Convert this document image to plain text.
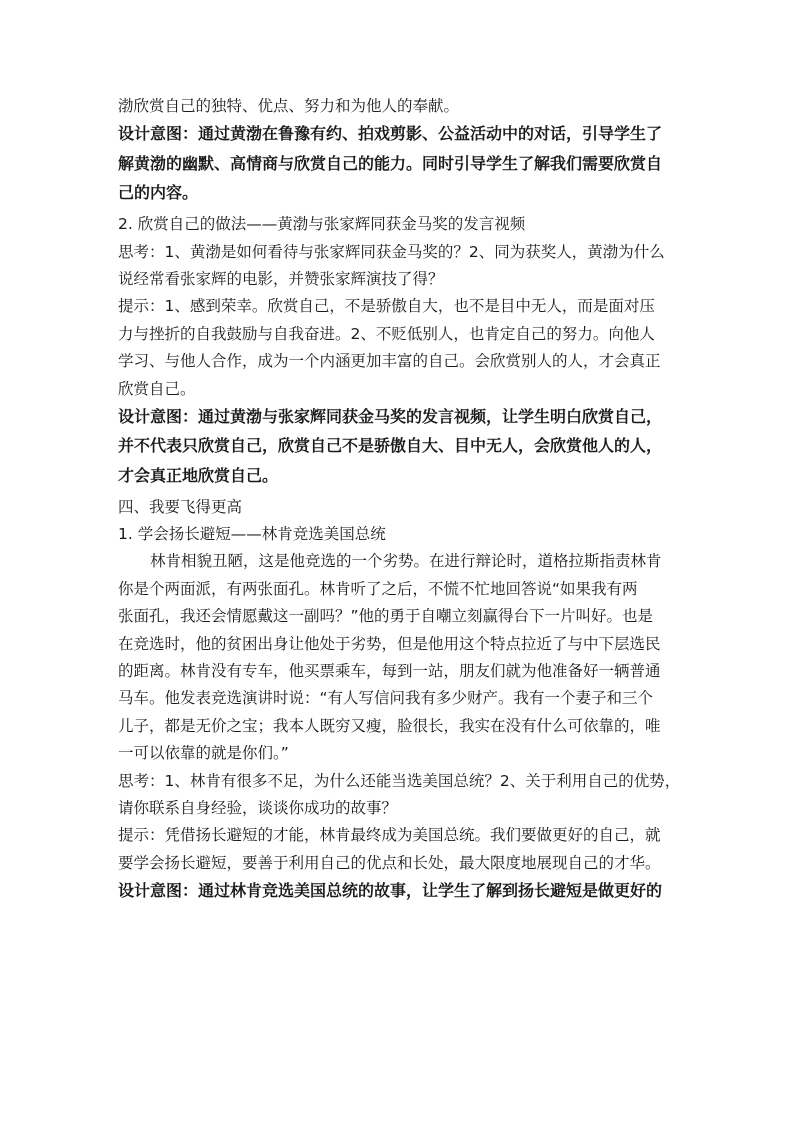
渤欣赏自己的独特、优点、努力和为他人的奉献。
设计意图：通过黄渤在鲁豫有约、拍戏剪影、公益活动中的对话，引导学生了
解黄渤的幽默、高情商与欣赏自己的能力。同时引导学生了解我们需要欣赏自
己的内容。
2. 欣赏自己的做法——黄渤与张家辉同获金马奖的发言视频
思考：1、黄渤是如何看待与张家辉同获金马奖的？2、同为获奖人，黄渤为什么
说经常看张家辉的电影，并赞张家辉演技了得？
提示：1、感到荣幸。欣赏自己，不是骄傲自大，也不是目中无人，而是面对压
力与挫折的自我鼓励与自我奋进。2、不贬低别人，也肯定自己的努力。向他人
学习、与他人合作，成为一个内涵更加丰富的自己。会欣赏别人的人，才会真正
欣赏自己。
设计意图：通过黄渤与张家辉同获金马奖的发言视频，让学生明白欣赏自己，
并不代表只欣赏自己，欣赏自己不是骄傲自大、目中无人，会欣赏他人的人，
才会真正地欣赏自己。
四、我要飞得更高
1. 学会扬长避短——林肯竞选美国总统
林肯相貌丑陋，这是他竞选的一个劣势。在进行辩论时，道格拉斯指责林肯
你是个两面派，有两张面孔。林肯听了之后，不慌不忙地回答说“如果我有两
张面孔，我还会情愿戴这一副吗？”他的勇于自嘲立刻赢得台下一片叫好。也是
在竞选时，他的贫困出身让他处于劣势，但是他用这个特点拉近了与中下层选民
的距离。林肯没有专车，他买票乘车，每到一站，朋友们就为他准备好一辆普通
马车。他发表竞选演讲时说：“有人写信问我有多少财产。我有一个妻子和三个
儿子，都是无价之宝；我本人既穷又瘦，脸很长，我实在没有什么可依靠的，唯
一可以依靠的就是你们。”
思考：1、林肯有很多不足，为什么还能当选美国总统？2、关于利用自己的优势，
请你联系自身经验，谈谈你成功的故事？
提示：凭借扬长避短的才能，林肯最终成为美国总统。我们要做更好的自己，就
要学会扬长避短，要善于利用自己的优点和长处，最大限度地展现自己的才华。
设计意图：通过林肯竞选美国总统的故事，让学生了解到扬长避短是做更好的
